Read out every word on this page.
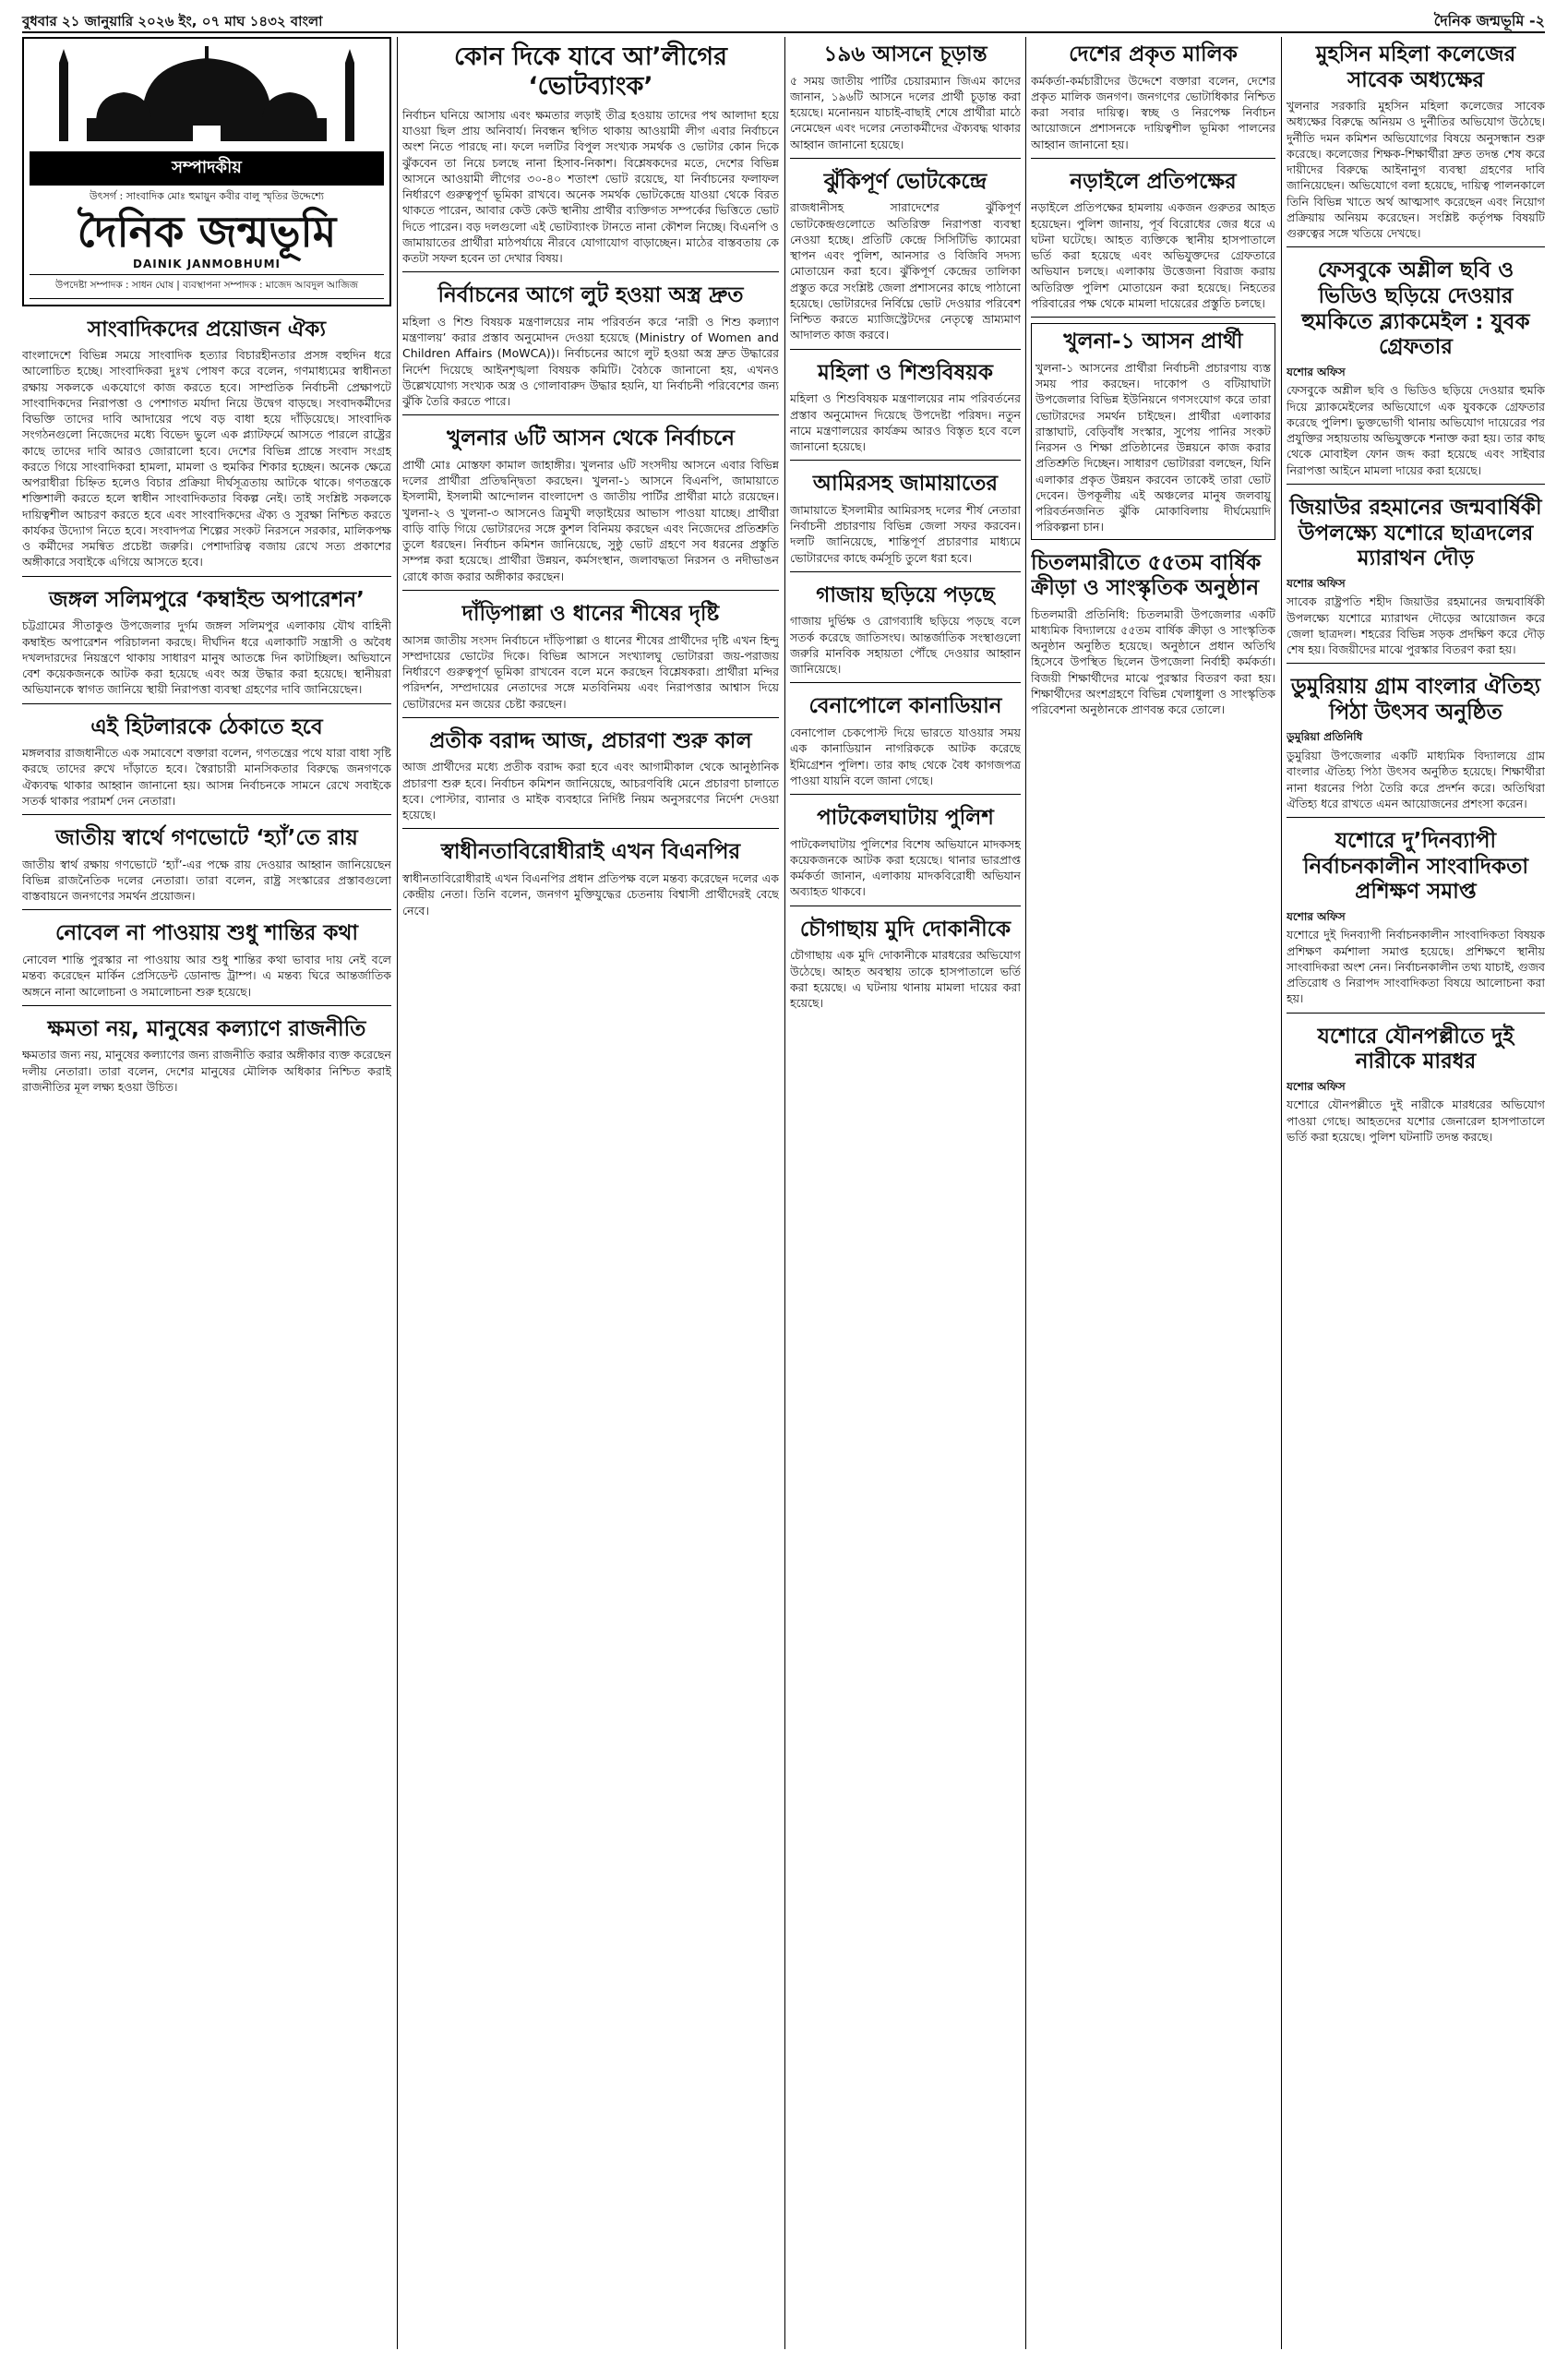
বুধবার ২১ জানুয়ারি ২০২৬ ইং, ০৭ মাঘ ১৪৩২ বাংলা	দৈনিক জন্মভূমি -২
সম্পাদকীয়
উৎসর্গ : সাংবাদিক মোঃ হুমায়ুন কবীর বালু স্মৃতির উদ্দেশ্যে
দৈনিক জন্মভূমি
DAINIK JANMOBHUMI
উপদেষ্টা সম্পাদক : সাধন ঘোষ | ব্যবস্থাপনা সম্পাদক : মাজেদ আবদুল আজিজ
সাংবাদিকদের প্রয়োজন ঐক্য

বাংলাদেশে বিভিন্ন সময়ে সাংবাদিক হত্যার বিচারহীনতার প্রসঙ্গ বহুদিন ধরে আলোচিত হচ্ছে। সাংবাদিকরা দুঃখ পোষণ করে বলেন, গণমাধ্যমের স্বাধীনতা রক্ষায় সকলকে একযোগে কাজ করতে হবে। সাম্প্রতিক নির্বাচনী প্রেক্ষাপটে সাংবাদিকদের নিরাপত্তা ও পেশাগত মর্যাদা নিয়ে উদ্বেগ বাড়ছে। সংবাদকর্মীদের বিভক্তি তাদের দাবি আদায়ের পথে বড় বাধা হয়ে দাঁড়িয়েছে। সাংবাদিক সংগঠনগুলো নিজেদের মধ্যে বিভেদ ভুলে এক প্ল্যাটফর্মে আসতে পারলে রাষ্ট্রের কাছে তাদের দাবি আরও জোরালো হবে। দেশের বিভিন্ন প্রান্তে সংবাদ সংগ্রহ করতে গিয়ে সাংবাদিকরা হামলা, মামলা ও হুমকির শিকার হচ্ছেন। অনেক ক্ষেত্রে অপরাধীরা চিহ্নিত হলেও বিচার প্রক্রিয়া দীর্ঘসূত্রতায় আটকে থাকে। গণতন্ত্রকে শক্তিশালী করতে হলে স্বাধীন সাংবাদিকতার বিকল্প নেই। তাই সংশ্লিষ্ট সকলকে দায়িত্বশীল আচরণ করতে হবে এবং সাংবাদিকদের ঐক্য ও সুরক্ষা নিশ্চিত করতে কার্যকর উদ্যোগ নিতে হবে। সংবাদপত্র শিল্পের সংকট নিরসনে সরকার, মালিকপক্ষ ও কর্মীদের সমন্বিত প্রচেষ্টা জরুরি। পেশাদারিত্ব বজায় রেখে সত্য প্রকাশের অঙ্গীকারে সবাইকে এগিয়ে আসতে হবে।

জঙ্গল সলিমপুরে ‘কম্বাইন্ড অপারেশন’

চট্টগ্রামের সীতাকুণ্ড উপজেলার দুর্গম জঙ্গল সলিমপুর এলাকায় যৌথ বাহিনী কম্বাইন্ড অপারেশন পরিচালনা করছে। দীর্ঘদিন ধরে এলাকাটি সন্ত্রাসী ও অবৈধ দখলদারদের নিয়ন্ত্রণে থাকায় সাধারণ মানুষ আতঙ্কে দিন কাটাচ্ছিল। অভিযানে বেশ কয়েকজনকে আটক করা হয়েছে এবং অস্ত্র উদ্ধার করা হয়েছে। স্থানীয়রা অভিযানকে স্বাগত জানিয়ে স্থায়ী নিরাপত্তা ব্যবস্থা গ্রহণের দাবি জানিয়েছেন।

এই হিটলারকে ঠেকাতে হবে

মঙ্গলবার রাজধানীতে এক সমাবেশে বক্তারা বলেন, গণতন্ত্রের পথে যারা বাধা সৃষ্টি করছে তাদের রুখে দাঁড়াতে হবে। স্বৈরাচারী মানসিকতার বিরুদ্ধে জনগণকে ঐক্যবদ্ধ থাকার আহ্বান জানানো হয়। আসন্ন নির্বাচনকে সামনে রেখে সবাইকে সতর্ক থাকার পরামর্শ দেন নেতারা।

জাতীয় স্বার্থে গণভোটে ‘হ্যাঁ’তে রায়

জাতীয় স্বার্থ রক্ষায় গণভোটে ‘হ্যাঁ’-এর পক্ষে রায় দেওয়ার আহ্বান জানিয়েছেন বিভিন্ন রাজনৈতিক দলের নেতারা। তারা বলেন, রাষ্ট্র সংস্কারের প্রস্তাবগুলো বাস্তবায়নে জনগণের সমর্থন প্রয়োজন।

নোবেল না পাওয়ায় শুধু শান্তির কথা

নোবেল শান্তি পুরস্কার না পাওয়ায় আর শুধু শান্তির কথা ভাবার দায় নেই বলে মন্তব্য করেছেন মার্কিন প্রেসিডেন্ট ডোনাল্ড ট্রাম্প। এ মন্তব্য ঘিরে আন্তর্জাতিক অঙ্গনে নানা আলোচনা ও সমালোচনা শুরু হয়েছে।

ক্ষমতা নয়, মানুষের কল্যাণে রাজনীতি

ক্ষমতার জন্য নয়, মানুষের কল্যাণের জন্য রাজনীতি করার অঙ্গীকার ব্যক্ত করেছেন দলীয় নেতারা। তারা বলেন, দেশের মানুষের মৌলিক অধিকার নিশ্চিত করাই রাজনীতির মূল লক্ষ্য হওয়া উচিত।

কোন দিকে যাবে আ’লীগের ‘ভোটব্যাংক’

নির্বাচন ঘনিয়ে আসায় এবং ক্ষমতার লড়াই তীব্র হওয়ায় তাদের পথ আলাদা হয়ে যাওয়া ছিল প্রায় অনিবার্য। নিবন্ধন স্থগিত থাকায় আওয়ামী লীগ এবার নির্বাচনে অংশ নিতে পারছে না। ফলে দলটির বিপুল সংখ্যক সমর্থক ও ভোটার কোন দিকে ঝুঁকবেন তা নিয়ে চলছে নানা হিসাব-নিকাশ। বিশ্লেষকদের মতে, দেশের বিভিন্ন আসনে আওয়ামী লীগের ৩০-৪০ শতাংশ ভোট রয়েছে, যা নির্বাচনের ফলাফল নির্ধারণে গুরুত্বপূর্ণ ভূমিকা রাখবে। অনেক সমর্থক ভোটকেন্দ্রে যাওয়া থেকে বিরত থাকতে পারেন, আবার কেউ কেউ স্থানীয় প্রার্থীর ব্যক্তিগত সম্পর্কের ভিত্তিতে ভোট দিতে পারেন। বড় দলগুলো এই ভোটব্যাংক টানতে নানা কৌশল নিচ্ছে। বিএনপি ও জামায়াতের প্রার্থীরা মাঠপর্যায়ে নীরবে যোগাযোগ বাড়াচ্ছেন। মাঠের বাস্তবতায় কে কতটা সফল হবেন তা দেখার বিষয়।

নির্বাচনের আগে লুট হওয়া অস্ত্র দ্রুত

মহিলা ও শিশু বিষয়ক মন্ত্রণালয়ের নাম পরিবর্তন করে ‘নারী ও শিশু কল্যাণ মন্ত্রণালয়’ করার প্রস্তাব অনুমোদন দেওয়া হয়েছে (Ministry of Women and Children Affairs (MoWCA))। নির্বাচনের আগে লুট হওয়া অস্ত্র দ্রুত উদ্ধারের নির্দেশ দিয়েছে আইনশৃঙ্খলা বিষয়ক কমিটি। বৈঠকে জানানো হয়, এখনও উল্লেখযোগ্য সংখ্যক অস্ত্র ও গোলাবারুদ উদ্ধার হয়নি, যা নির্বাচনী পরিবেশের জন্য ঝুঁকি তৈরি করতে পারে।

খুলনার ৬টি আসন থেকে নির্বাচনে

প্রার্থী মোঃ মোস্তফা কামাল জাহাঙ্গীর। খুলনার ৬টি সংসদীয় আসনে এবার বিভিন্ন দলের প্রার্থীরা প্রতিদ্বন্দ্বিতা করছেন। খুলনা-১ আসনে বিএনপি, জামায়াতে ইসলামী, ইসলামী আন্দোলন বাংলাদেশ ও জাতীয় পার্টির প্রার্থীরা মাঠে রয়েছেন। খুলনা-২ ও খুলনা-৩ আসনেও ত্রিমুখী লড়াইয়ের আভাস পাওয়া যাচ্ছে। প্রার্থীরা বাড়ি বাড়ি গিয়ে ভোটারদের সঙ্গে কুশল বিনিময় করছেন এবং নিজেদের প্রতিশ্রুতি তুলে ধরছেন। নির্বাচন কমিশন জানিয়েছে, সুষ্ঠু ভোট গ্রহণে সব ধরনের প্রস্তুতি সম্পন্ন করা হয়েছে। প্রার্থীরা উন্নয়ন, কর্মসংস্থান, জলাবদ্ধতা নিরসন ও নদীভাঙন রোধে কাজ করার অঙ্গীকার করছেন।

দাঁড়িপাল্লা ও ধানের শীষের দৃষ্টি

আসন্ন জাতীয় সংসদ নির্বাচনে দাঁড়িপাল্লা ও ধানের শীষের প্রার্থীদের দৃষ্টি এখন হিন্দু সম্প্রদায়ের ভোটের দিকে। বিভিন্ন আসনে সংখ্যালঘু ভোটাররা জয়-পরাজয় নির্ধারণে গুরুত্বপূর্ণ ভূমিকা রাখবেন বলে মনে করছেন বিশ্লেষকরা। প্রার্থীরা মন্দির পরিদর্শন, সম্প্রদায়ের নেতাদের সঙ্গে মতবিনিময় এবং নিরাপত্তার আশ্বাস দিয়ে ভোটারদের মন জয়ের চেষ্টা করছেন।

প্রতীক বরাদ্দ আজ, প্রচারণা শুরু কাল

আজ প্রার্থীদের মধ্যে প্রতীক বরাদ্দ করা হবে এবং আগামীকাল থেকে আনুষ্ঠানিক প্রচারণা শুরু হবে। নির্বাচন কমিশন জানিয়েছে, আচরণবিধি মেনে প্রচারণা চালাতে হবে। পোস্টার, ব্যানার ও মাইক ব্যবহারে নির্দিষ্ট নিয়ম অনুসরণের নির্দেশ দেওয়া হয়েছে।

স্বাধীনতাবিরোধীরাই এখন বিএনপির

স্বাধীনতাবিরোধীরাই এখন বিএনপির প্রধান প্রতিপক্ষ বলে মন্তব্য করেছেন দলের এক কেন্দ্রীয় নেতা। তিনি বলেন, জনগণ মুক্তিযুদ্ধের চেতনায় বিশ্বাসী প্রার্থীদেরই বেছে নেবে।

১৯৬ আসনে চূড়ান্ত

৫ সময় জাতীয় পার্টির চেয়ারম্যান জিএম কাদের জানান, ১৯৬টি আসনে দলের প্রার্থী চূড়ান্ত করা হয়েছে। মনোনয়ন যাচাই-বাছাই শেষে প্রার্থীরা মাঠে নেমেছেন এবং দলের নেতাকর্মীদের ঐক্যবদ্ধ থাকার আহ্বান জানানো হয়েছে।

ঝুঁকিপূর্ণ ভোটকেন্দ্রে

রাজধানীসহ সারাদেশের ঝুঁকিপূর্ণ ভোটকেন্দ্রগুলোতে অতিরিক্ত নিরাপত্তা ব্যবস্থা নেওয়া হচ্ছে। প্রতিটি কেন্দ্রে সিসিটিভি ক্যামেরা স্থাপন এবং পুলিশ, আনসার ও বিজিবি সদস্য মোতায়েন করা হবে। ঝুঁকিপূর্ণ কেন্দ্রের তালিকা প্রস্তুত করে সংশ্লিষ্ট জেলা প্রশাসনের কাছে পাঠানো হয়েছে। ভোটারদের নির্বিঘ্নে ভোট দেওয়ার পরিবেশ নিশ্চিত করতে ম্যাজিস্ট্রেটদের নেতৃত্বে ভ্রাম্যমাণ আদালত কাজ করবে।

মহিলা ও শিশুবিষয়ক

মহিলা ও শিশুবিষয়ক মন্ত্রণালয়ের নাম পরিবর্তনের প্রস্তাব অনুমোদন দিয়েছে উপদেষ্টা পরিষদ। নতুন নামে মন্ত্রণালয়ের কার্যক্রম আরও বিস্তৃত হবে বলে জানানো হয়েছে।

আমিরসহ জামায়াতের

জামায়াতে ইসলামীর আমিরসহ দলের শীর্ষ নেতারা নির্বাচনী প্রচারণায় বিভিন্ন জেলা সফর করবেন। দলটি জানিয়েছে, শান্তিপূর্ণ প্রচারণার মাধ্যমে ভোটারদের কাছে কর্মসূচি তুলে ধরা হবে।

গাজায় ছড়িয়ে পড়ছে

গাজায় দুর্ভিক্ষ ও রোগব্যাধি ছড়িয়ে পড়ছে বলে সতর্ক করেছে জাতিসংঘ। আন্তর্জাতিক সংস্থাগুলো জরুরি মানবিক সহায়তা পৌঁছে দেওয়ার আহ্বান জানিয়েছে।

বেনাপোলে কানাডিয়ান

বেনাপোল চেকপোস্ট দিয়ে ভারতে যাওয়ার সময় এক কানাডিয়ান নাগরিককে আটক করেছে ইমিগ্রেশন পুলিশ। তার কাছ থেকে বৈধ কাগজপত্র পাওয়া যায়নি বলে জানা গেছে।

পাটকেলঘাটায় পুলিশ

পাটকেলঘাটায় পুলিশের বিশেষ অভিযানে মাদকসহ কয়েকজনকে আটক করা হয়েছে। থানার ভারপ্রাপ্ত কর্মকর্তা জানান, এলাকায় মাদকবিরোধী অভিযান অব্যাহত থাকবে।

চৌগাছায় মুদি দোকানীকে

চৌগাছায় এক মুদি দোকানীকে মারধরের অভিযোগ উঠেছে। আহত অবস্থায় তাকে হাসপাতালে ভর্তি করা হয়েছে। এ ঘটনায় থানায় মামলা দায়ের করা হয়েছে।

দেশের প্রকৃত মালিক

কর্মকর্তা-কর্মচারীদের উদ্দেশে বক্তারা বলেন, দেশের প্রকৃত মালিক জনগণ। জনগণের ভোটাধিকার নিশ্চিত করা সবার দায়িত্ব। স্বচ্ছ ও নিরপেক্ষ নির্বাচন আয়োজনে প্রশাসনকে দায়িত্বশীল ভূমিকা পালনের আহ্বান জানানো হয়।

নড়াইলে প্রতিপক্ষের

নড়াইলে প্রতিপক্ষের হামলায় একজন গুরুতর আহত হয়েছেন। পুলিশ জানায়, পূর্ব বিরোধের জের ধরে এ ঘটনা ঘটেছে। আহত ব্যক্তিকে স্থানীয় হাসপাতালে ভর্তি করা হয়েছে এবং অভিযুক্তদের গ্রেফতারে অভিযান চলছে। এলাকায় উত্তেজনা বিরাজ করায় অতিরিক্ত পুলিশ মোতায়েন করা হয়েছে। নিহতের পরিবারের পক্ষ থেকে মামলা দায়েরের প্রস্তুতি চলছে।

খুলনা-১ আসন প্রার্থী

খুলনা-১ আসনের প্রার্থীরা নির্বাচনী প্রচারণায় ব্যস্ত সময় পার করছেন। দাকোপ ও বটিয়াঘাটা উপজেলার বিভিন্ন ইউনিয়নে গণসংযোগ করে তারা ভোটারদের সমর্থন চাইছেন। প্রার্থীরা এলাকার রাস্তাঘাট, বেড়িবাঁধ সংস্কার, সুপেয় পানির সংকট নিরসন ও শিক্ষা প্রতিষ্ঠানের উন্নয়নে কাজ করার প্রতিশ্রুতি দিচ্ছেন। সাধারণ ভোটাররা বলছেন, যিনি এলাকার প্রকৃত উন্নয়ন করবেন তাকেই তারা ভোট দেবেন। উপকূলীয় এই অঞ্চলের মানুষ জলবায়ু পরিবর্তনজনিত ঝুঁকি মোকাবিলায় দীর্ঘমেয়াদি পরিকল্পনা চান।

চিতলমারীতে ৫৫তম বার্ষিক ক্রীড়া ও সাংস্কৃতিক অনুষ্ঠান

চিতলমারী প্রতিনিধি: চিতলমারী উপজেলার একটি মাধ্যমিক বিদ্যালয়ে ৫৫তম বার্ষিক ক্রীড়া ও সাংস্কৃতিক অনুষ্ঠান অনুষ্ঠিত হয়েছে। অনুষ্ঠানে প্রধান অতিথি হিসেবে উপস্থিত ছিলেন উপজেলা নির্বাহী কর্মকর্তা। বিজয়ী শিক্ষার্থীদের মাঝে পুরস্কার বিতরণ করা হয়। শিক্ষার্থীদের অংশগ্রহণে বিভিন্ন খেলাধুলা ও সাংস্কৃতিক পরিবেশনা অনুষ্ঠানকে প্রাণবন্ত করে তোলে।

মুহসিন মহিলা কলেজের সাবেক অধ্যক্ষের

খুলনার সরকারি মুহসিন মহিলা কলেজের সাবেক অধ্যক্ষের বিরুদ্ধে অনিয়ম ও দুর্নীতির অভিযোগ উঠেছে। দুর্নীতি দমন কমিশন অভিযোগের বিষয়ে অনুসন্ধান শুরু করেছে। কলেজের শিক্ষক-শিক্ষার্থীরা দ্রুত তদন্ত শেষ করে দায়ীদের বিরুদ্ধে আইনানুগ ব্যবস্থা গ্রহণের দাবি জানিয়েছেন। অভিযোগে বলা হয়েছে, দায়িত্ব পালনকালে তিনি বিভিন্ন খাতে অর্থ আত্মসাৎ করেছেন এবং নিয়োগ প্রক্রিয়ায় অনিয়ম করেছেন। সংশ্লিষ্ট কর্তৃপক্ষ বিষয়টি গুরুত্বের সঙ্গে খতিয়ে দেখছে।

ফেসবুকে অশ্লীল ছবি ও ভিডিও ছড়িয়ে দেওয়ার হুমকিতে ব্ল্যাকমেইল : যুবক গ্রেফতার
যশোর অফিস

ফেসবুকে অশ্লীল ছবি ও ভিডিও ছড়িয়ে দেওয়ার হুমকি দিয়ে ব্ল্যাকমেইলের অভিযোগে এক যুবককে গ্রেফতার করেছে পুলিশ। ভুক্তভোগী থানায় অভিযোগ দায়েরের পর প্রযুক্তির সহায়তায় অভিযুক্তকে শনাক্ত করা হয়। তার কাছ থেকে মোবাইল ফোন জব্দ করা হয়েছে এবং সাইবার নিরাপত্তা আইনে মামলা দায়ের করা হয়েছে।

জিয়াউর রহমানের জন্মবার্ষিকী উপলক্ষ্যে যশোরে ছাত্রদলের ম্যারাথন দৌড়
যশোর অফিস

সাবেক রাষ্ট্রপতি শহীদ জিয়াউর রহমানের জন্মবার্ষিকী উপলক্ষ্যে যশোরে ম্যারাথন দৌড়ের আয়োজন করে জেলা ছাত্রদল। শহরের বিভিন্ন সড়ক প্রদক্ষিণ করে দৌড় শেষ হয়। বিজয়ীদের মাঝে পুরস্কার বিতরণ করা হয়।

ডুমুরিয়ায় গ্রাম বাংলার ঐতিহ্য পিঠা উৎসব অনুষ্ঠিত
ডুমুরিয়া প্রতিনিধি

ডুমুরিয়া উপজেলার একটি মাধ্যমিক বিদ্যালয়ে গ্রাম বাংলার ঐতিহ্য পিঠা উৎসব অনুষ্ঠিত হয়েছে। শিক্ষার্থীরা নানা ধরনের পিঠা তৈরি করে প্রদর্শন করে। অতিথিরা ঐতিহ্য ধরে রাখতে এমন আয়োজনের প্রশংসা করেন।

যশোরে দু’দিনব্যাপী নির্বাচনকালীন সাংবাদিকতা প্রশিক্ষণ সমাপ্ত
যশোর অফিস

যশোরে দুই দিনব্যাপী নির্বাচনকালীন সাংবাদিকতা বিষয়ক প্রশিক্ষণ কর্মশালা সমাপ্ত হয়েছে। প্রশিক্ষণে স্থানীয় সাংবাদিকরা অংশ নেন। নির্বাচনকালীন তথ্য যাচাই, গুজব প্রতিরোধ ও নিরাপদ সাংবাদিকতা বিষয়ে আলোচনা করা হয়।

যশোরে যৌনপল্লীতে দুই নারীকে মারধর
যশোর অফিস

যশোরে যৌনপল্লীতে দুই নারীকে মারধরের অভিযোগ পাওয়া গেছে। আহতদের যশোর জেনারেল হাসপাতালে ভর্তি করা হয়েছে। পুলিশ ঘটনাটি তদন্ত করছে।
